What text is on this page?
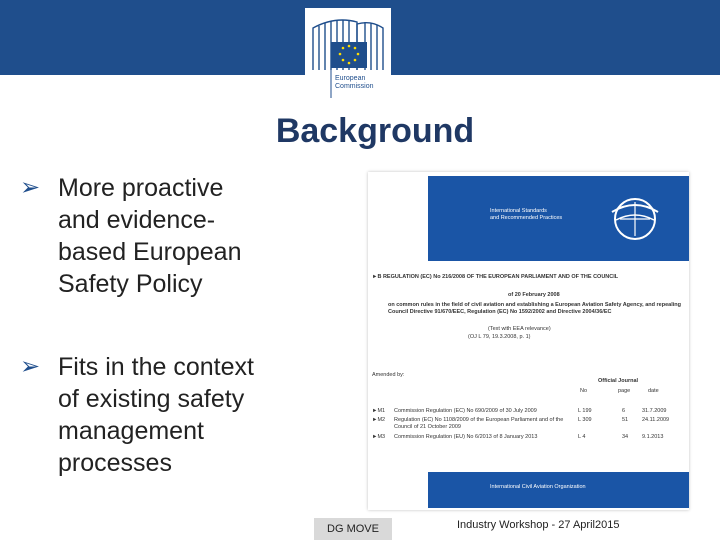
European
Commission
Background
➢ More proactive
and evidence-
based European
Safety Policy
➢ Fits in the context
of existing safety
management
processes
International Standards
and Recommended Practices
►B REGULATION (EC) No 216/2008 OF THE EUROPEAN PARLIAMENT AND OF THE COUNCIL
of 20 February 2008
on common rules in the field of civil aviation and establishing a European Aviation Safety Agency, and repealing Council Directive 91/670/EEC, Regulation (EC) No 1592/2002 and Directive 2004/36/EC
(Text with EEA relevance)
(OJ L 79, 19.3.2008, p. 1)
Amended by:
Official Journal
No	page	date
►M1 Commission Regulation (EC) No 690/2009 of 30 July 2009	L 199	6	31.7.2009
►M2 Regulation (EC) No 1108/2009 of the European Parliament and of the Council of 21 October 2009
L 309	51	24.11.2009
►M3 Commission Regulation (EU) No 6/2013 of 8 January 2013	L 4	34	9.1.2013
International Civil Aviation Organization
DG MOVE	Industry Workshop - 27 April2015
